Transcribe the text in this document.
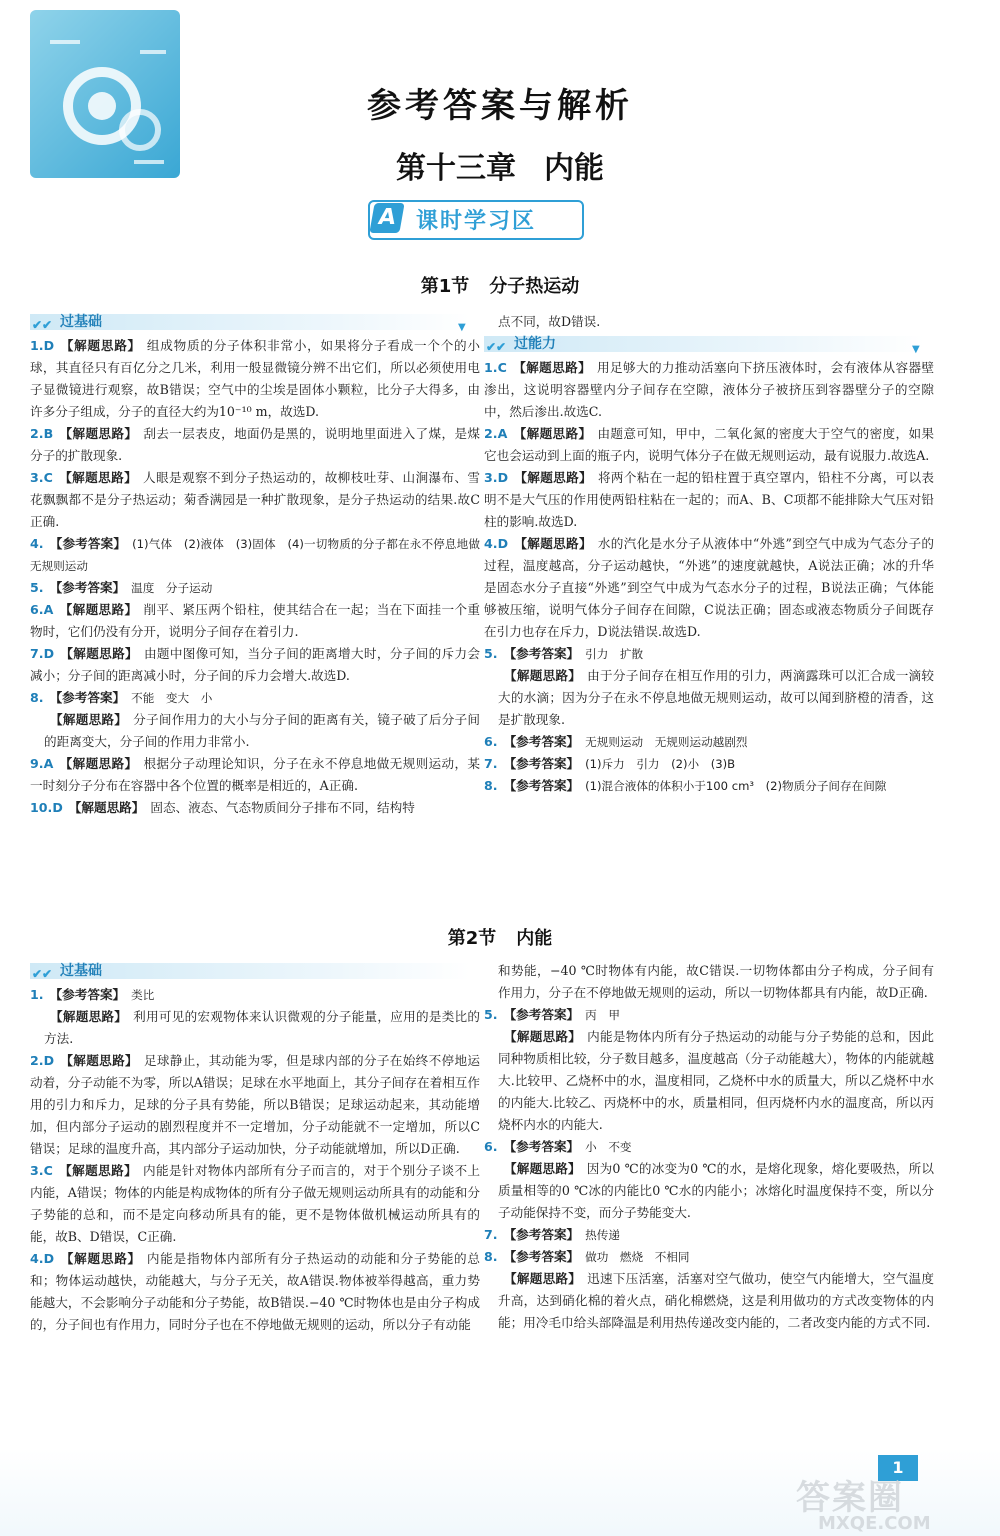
参考答案与解析
第十三章 内能
A 课时学习区
第1节 分子热运动
✔✔ 过基础	▼

1.D 【解题思路】 组成物质的分子体积非常小，如果将分子看成一个个的小球，其直径只有百亿分之几米，利用一般显微镜分辨不出它们，所以必须使用电子显微镜进行观察，故B错误；空气中的尘埃是固体小颗粒，比分子大得多，由许多分子组成，分子的直径大约为10⁻¹⁰ m，故选D.

2.B 【解题思路】 刮去一层表皮，地面仍是黑的，说明地里面进入了煤，是煤分子的扩散现象.

3.C 【解题思路】 人眼是观察不到分子热运动的，故柳枝吐芽、山涧瀑布、雪花飘飘都不是分子热运动；菊香满园是一种扩散现象，是分子热运动的结果.故C正确.

4. 【参考答案】 (1)气体　(2)液体　(3)固体　(4)一切物质的分子都在永不停息地做无规则运动

5. 【参考答案】 温度　分子运动

6.A 【解题思路】 削平、紧压两个铅柱，使其结合在一起；当在下面挂一个重物时，它们仍没有分开，说明分子间存在着引力.

7.D 【解题思路】 由题中图像可知，当分子间的距离增大时，分子间的斥力会减小；分子间的距离减小时，分子间的斥力会增大.故选D.

8. 【参考答案】 不能　变大　小

【解题思路】 分子间作用力的大小与分子间的距离有关，镜子破了后分子间的距离变大，分子间的作用力非常小.

9.A 【解题思路】 根据分子动理论知识，分子在永不停息地做无规则运动，某一时刻分子分布在容器中各个位置的概率是相近的，A正确.

10.D 【解题思路】 固态、液态、气态物质间分子排布不同，结构特

点不同，故D错误.

✔✔ 过能力	▼

1.C 【解题思路】 用足够大的力推动活塞向下挤压液体时，会有液体从容器壁渗出，这说明容器壁内分子间存在空隙，液体分子被挤压到容器壁分子的空隙中，然后渗出.故选C.

2.A 【解题思路】 由题意可知，甲中，二氧化氮的密度大于空气的密度，如果它也会运动到上面的瓶子内，说明气体分子在做无规则运动，最有说服力.故选A.

3.D 【解题思路】 将两个粘在一起的铅柱置于真空罩内，铅柱不分离，可以表明不是大气压的作用使两铅柱粘在一起的；而A、B、C项都不能排除大气压对铅柱的影响.故选D.

4.D 【解题思路】 水的汽化是水分子从液体中“外逃”到空气中成为气态分子的过程，温度越高，分子运动越快，“外逃”的速度就越快，A说法正确；冰的升华是固态水分子直接“外逃”到空气中成为气态水分子的过程，B说法正确；气体能够被压缩，说明气体分子间存在间隙，C说法正确；固态或液态物质分子间既存在引力也存在斥力，D说法错误.故选D.

5. 【参考答案】 引力　扩散

【解题思路】 由于分子间存在相互作用的引力，两滴露珠可以汇合成一滴较大的水滴；因为分子在永不停息地做无规则运动，故可以闻到脐橙的清香，这是扩散现象.

6. 【参考答案】 无规则运动　无规则运动越剧烈

7. 【参考答案】 (1)斥力　引力　(2)小　(3)B

8. 【参考答案】 (1)混合液体的体积小于100 cm³　(2)物质分子间存在间隙

第2节 内能
✔✔ 过基础

1. 【参考答案】 类比

【解题思路】 利用可见的宏观物体来认识微观的分子能量，应用的是类比的方法.

2.D 【解题思路】 足球静止，其动能为零，但是球内部的分子在始终不停地运动着，分子动能不为零，所以A错误；足球在水平地面上，其分子间存在着相互作用的引力和斥力，足球的分子具有势能，所以B错误；足球运动起来，其动能增加，但内部分子运动的剧烈程度并不一定增加，分子动能就不一定增加，所以C错误；足球的温度升高，其内部分子运动加快，分子动能就增加，所以D正确.

3.C 【解题思路】 内能是针对物体内部所有分子而言的，对于个别分子谈不上内能，A错误；物体的内能是构成物体的所有分子做无规则运动所具有的动能和分子势能的总和，而不是定向移动所具有的能，更不是物体做机械运动所具有的能，故B、D错误，C正确.

4.D 【解题思路】 内能是指物体内部所有分子热运动的动能和分子势能的总和；物体运动越快，动能越大，与分子无关，故A错误.物体被举得越高，重力势能越大，不会影响分子动能和分子势能，故B错误.−40 ℃时物体也是由分子构成的，分子间也有作用力，同时分子也在不停地做无规则的运动，所以分子有动能

和势能，−40 ℃时物体有内能，故C错误.一切物体都由分子构成，分子间有作用力，分子在不停地做无规则的运动，所以一切物体都具有内能，故D正确.

5. 【参考答案】 丙　甲

【解题思路】 内能是物体内所有分子热运动的动能与分子势能的总和，因此同种物质相比较，分子数目越多，温度越高（分子动能越大），物体的内能就越大.比较甲、乙烧杯中的水，温度相同，乙烧杯中水的质量大，所以乙烧杯中水的内能大.比较乙、丙烧杯中的水，质量相同，但丙烧杯内水的温度高，所以丙烧杯内水的内能大.

6. 【参考答案】 小　不变

【解题思路】 因为0 ℃的冰变为0 ℃的水，是熔化现象，熔化要吸热，所以质量相等的0 ℃冰的内能比0 ℃水的内能小；冰熔化时温度保持不变，所以分子动能保持不变，而分子势能变大.

7. 【参考答案】 热传递

8. 【参考答案】 做功　燃烧　不相同

【解题思路】 迅速下压活塞，活塞对空气做功，使空气内能增大，空气温度升高，达到硝化棉的着火点，硝化棉燃烧，这是利用做功的方式改变物体的内能；用冷毛巾给头部降温是利用热传递改变内能的，二者改变内能的方式不同.

1
答案圈
MXQE.COM
